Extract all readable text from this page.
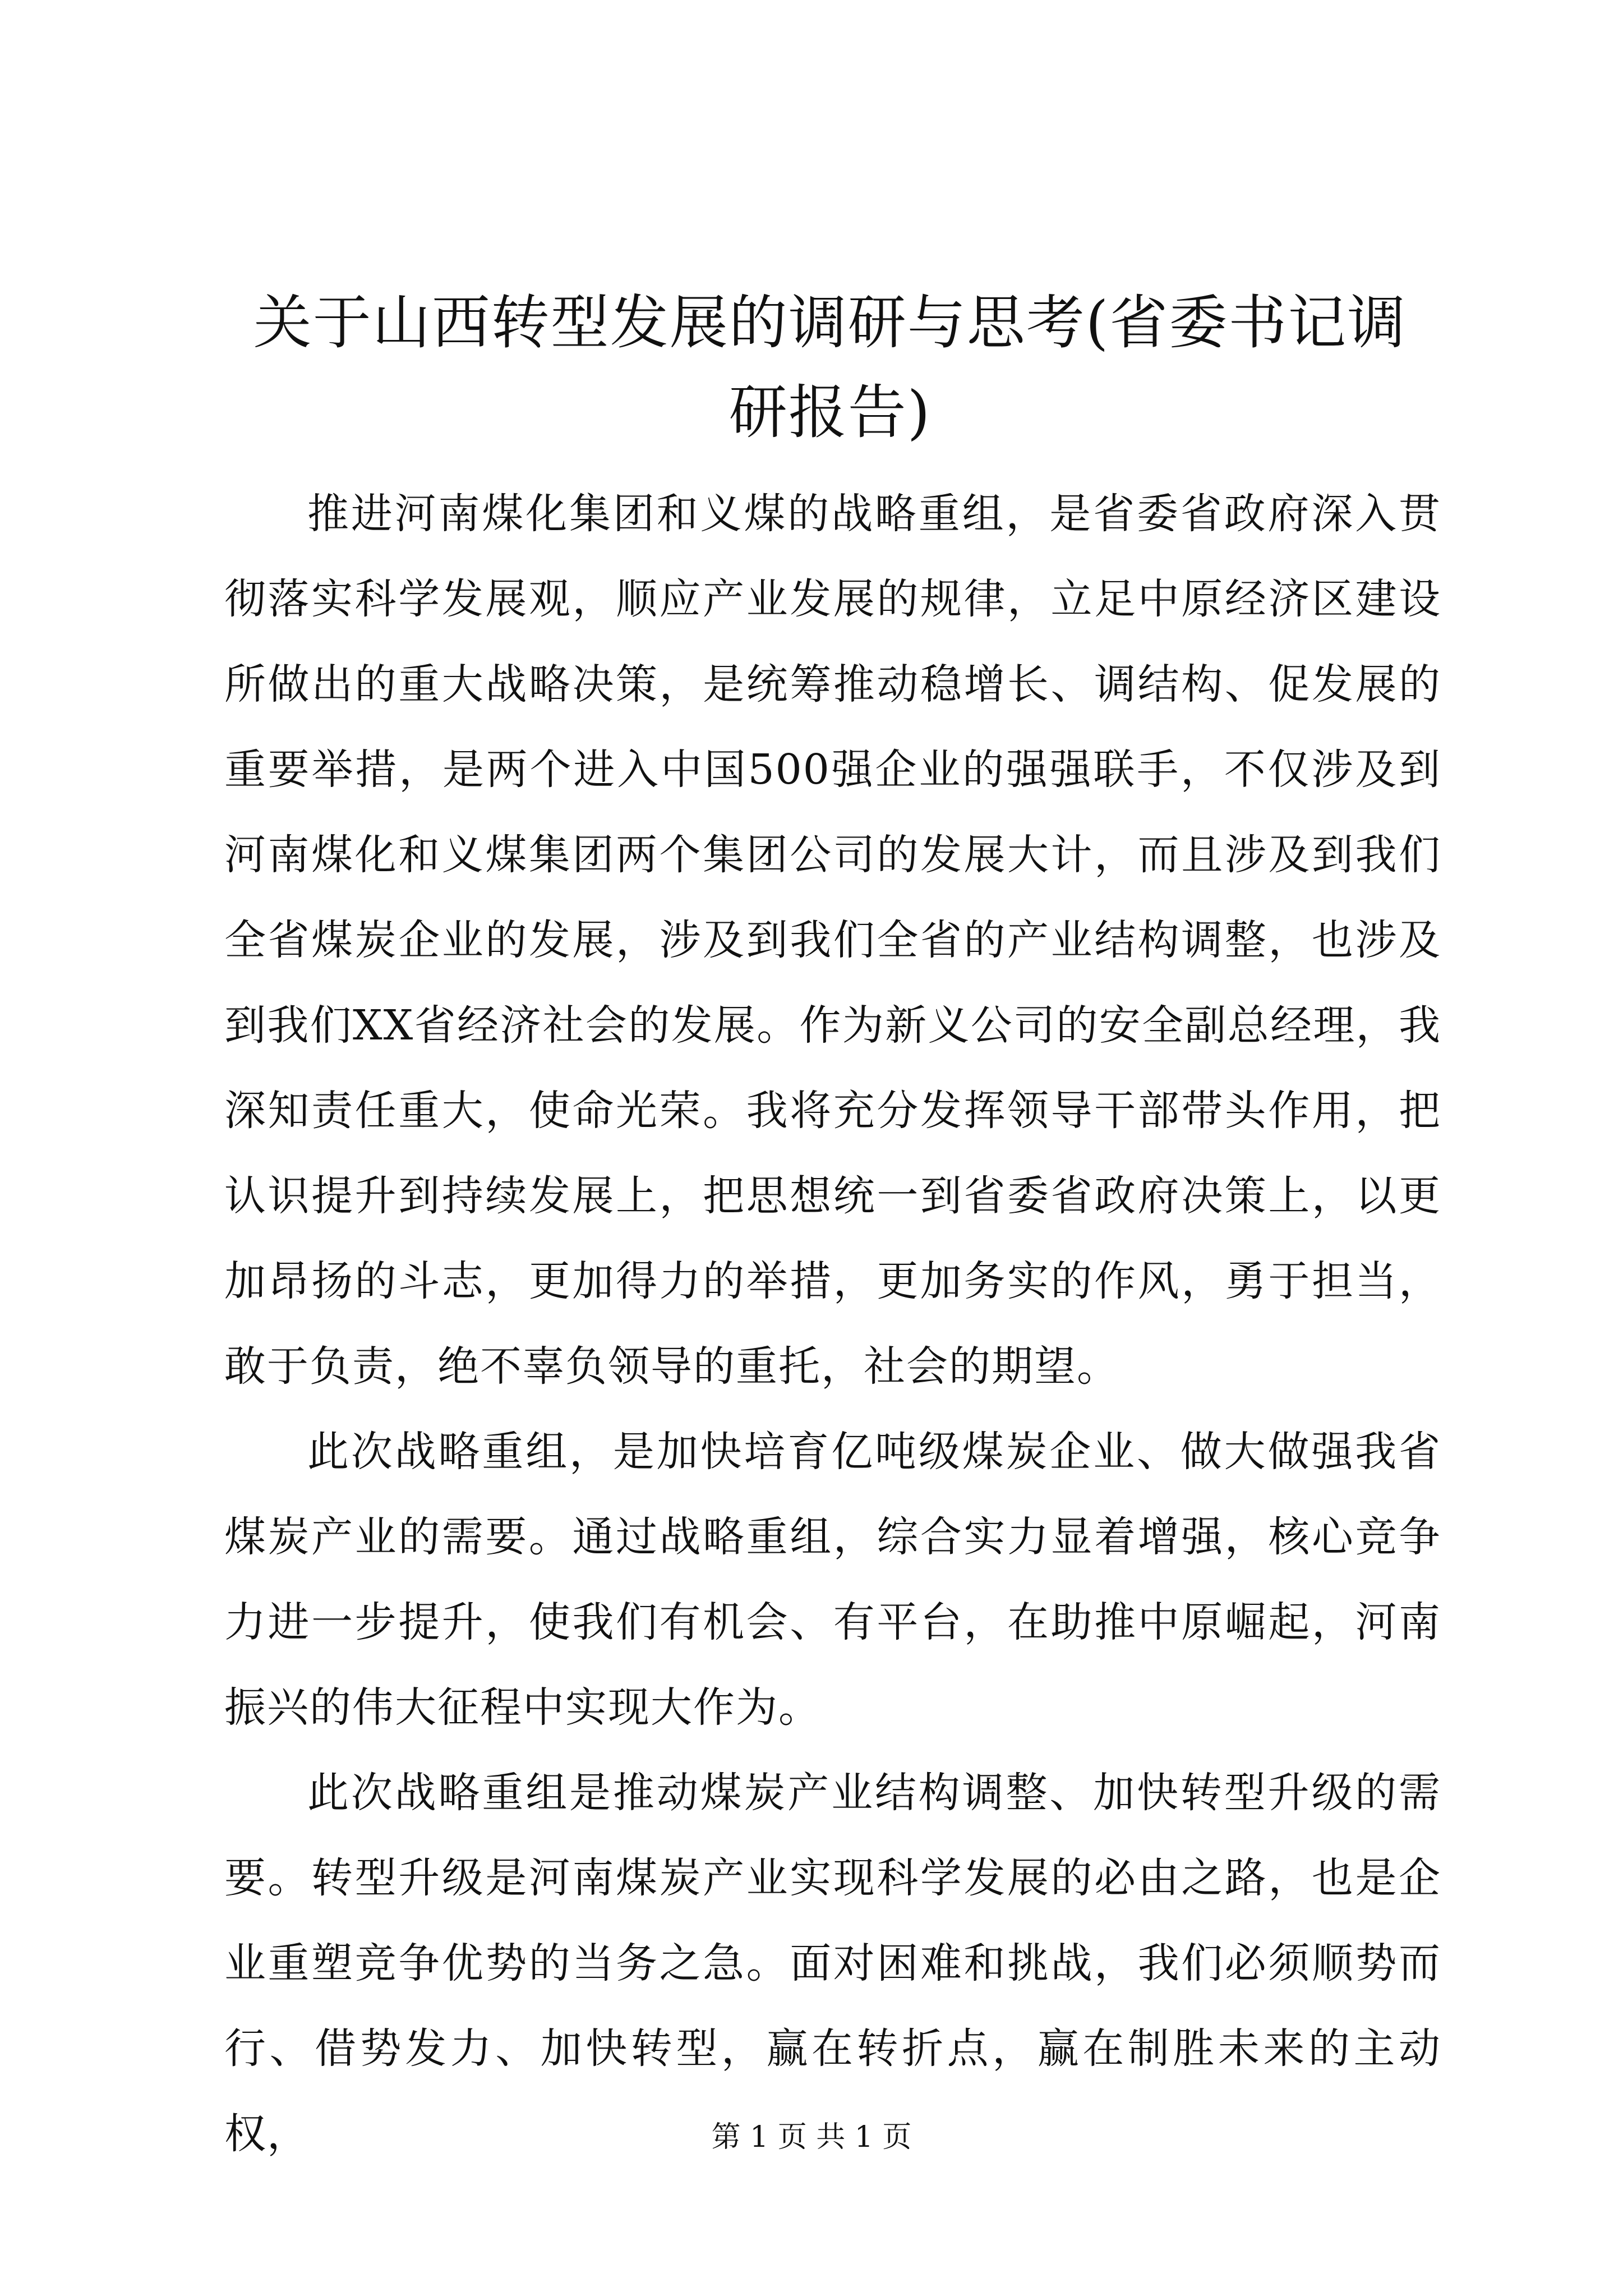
关于山西转型发展的调研与思考(省委书记调研报告)

推进河南煤化集团和义煤的战略重组，是省委省政府深入贯彻落实科学发展观，顺应产业发展的规律，立足中原经济区建设所做出的重大战略决策，是统筹推动稳增长、调结构、促发展的重要举措，是两个进入中国500强企业的强强联手，不仅涉及到河南煤化和义煤集团两个集团公司的发展大计，而且涉及到我们全省煤炭企业的发展，涉及到我们全省的产业结构调整，也涉及到我们XX省经济社会的发展。作为新义公司的安全副总经理，我深知责任重大，使命光荣。我将充分发挥领导干部带头作用，把认识提升到持续发展上，把思想统一到省委省政府决策上，以更加昂扬的斗志，更加得力的举措，更加务实的作风，勇于担当，敢于负责，绝不辜负领导的重托，社会的期望。

此次战略重组，是加快培育亿吨级煤炭企业、做大做强我省煤炭产业的需要。通过战略重组，综合实力显着增强，核心竞争力进一步提升，使我们有机会、有平台，在助推中原崛起，河南振兴的伟大征程中实现大作为。

此次战略重组是推动煤炭产业结构调整、加快转型升级的需要。转型升级是河南煤炭产业实现科学发展的必由之路，也是企业重塑竞争优势的当务之急。面对困难和挑战，我们必须顺势而行、借势发力、加快转型，赢在转折点，赢在制胜未来的主动权，	第 1 页 共 1 页
